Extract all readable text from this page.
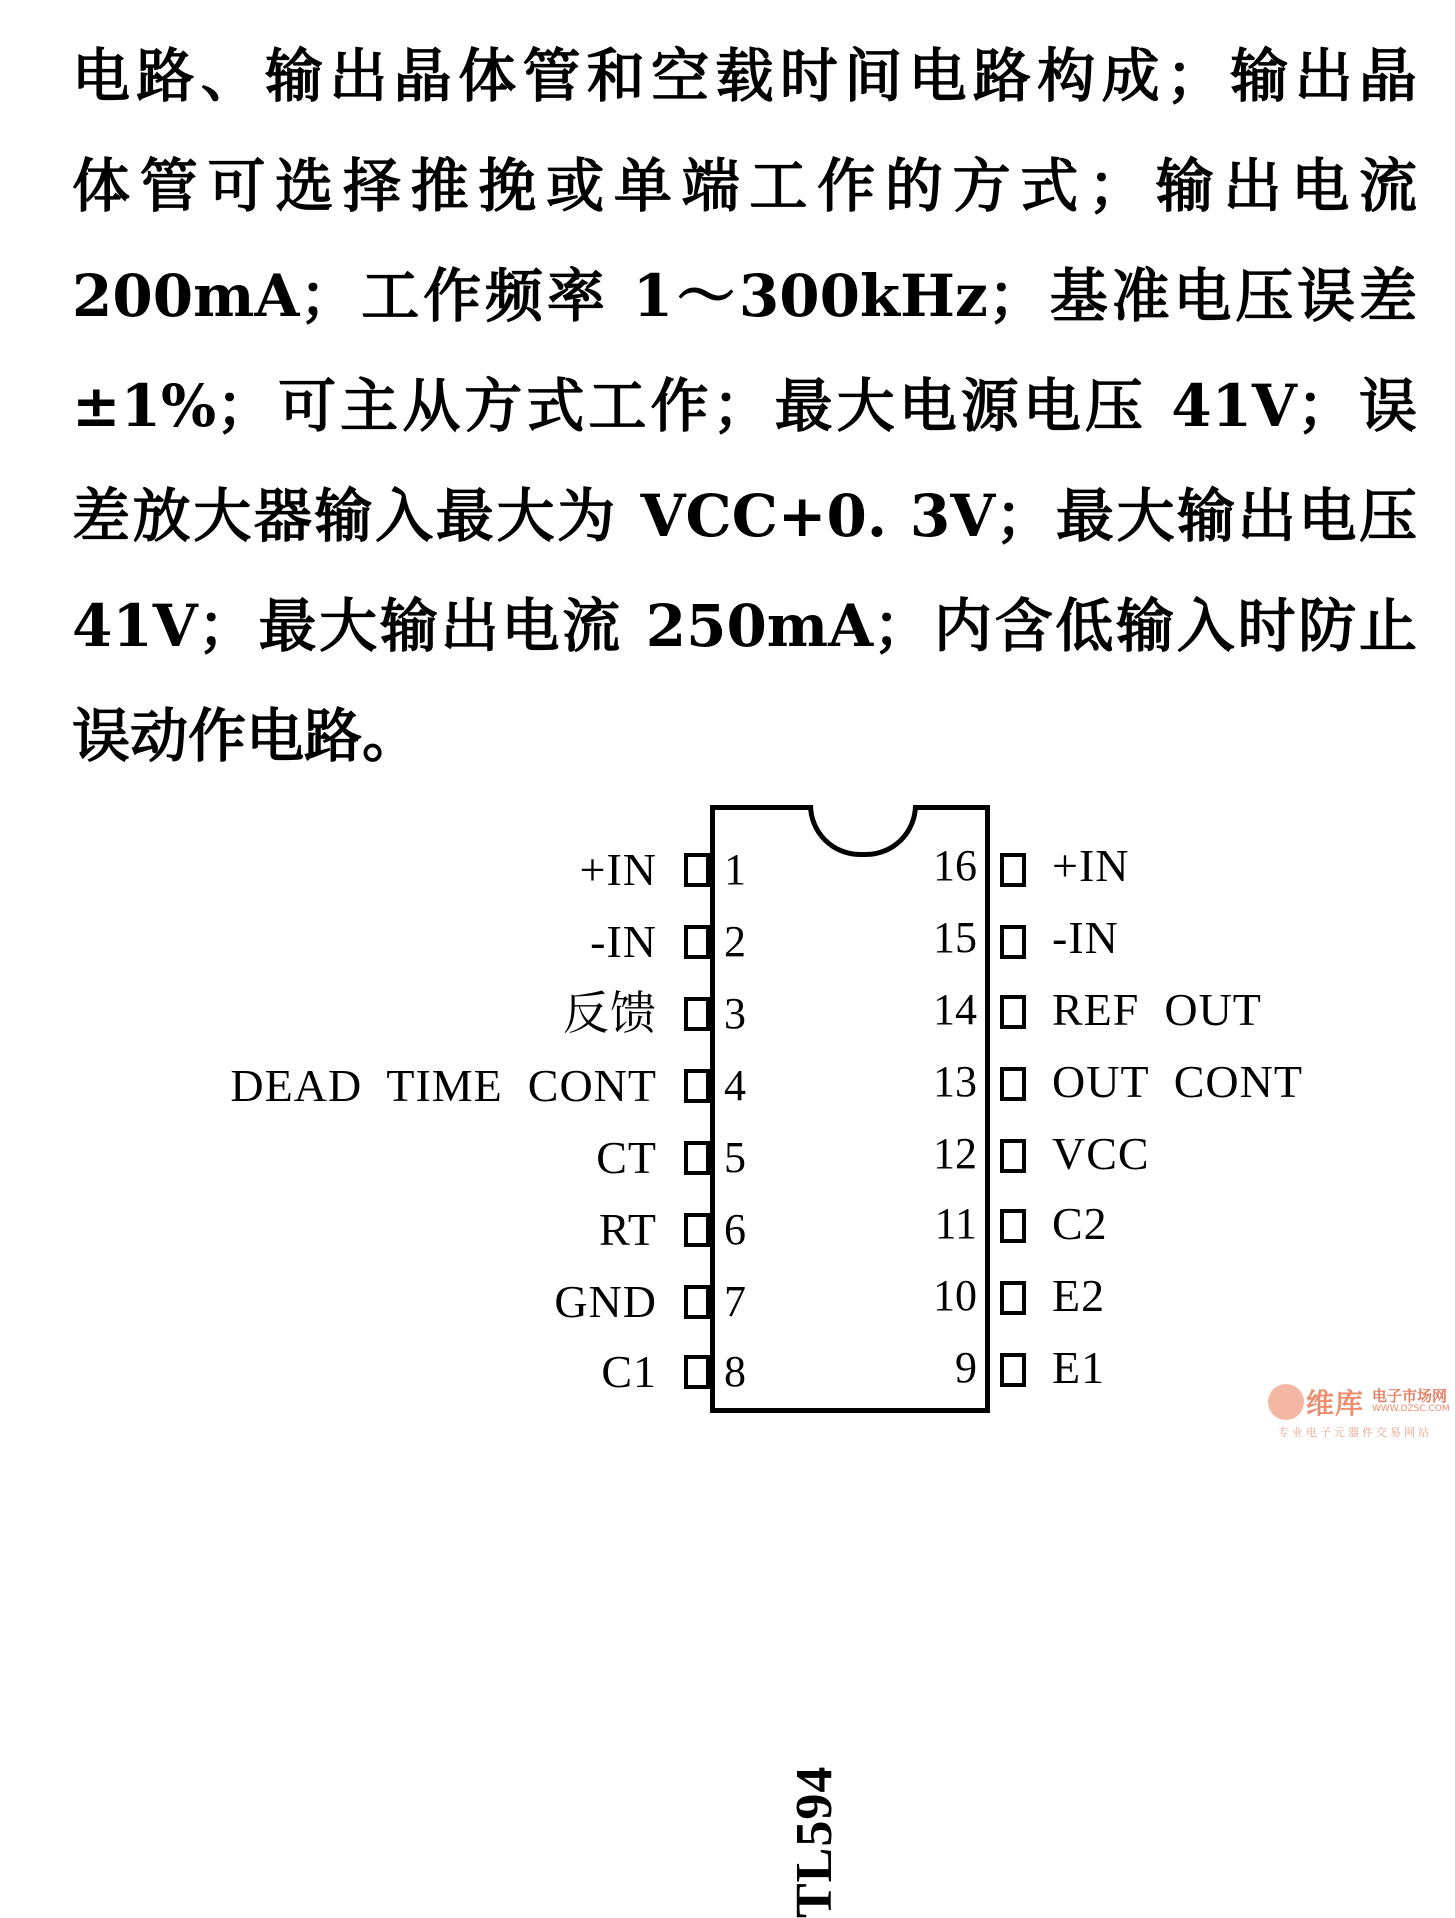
电路、输出晶体管和空载时间电路构成；输出晶
体管可选择推挽或单端工作的方式；输出电流
200mA；工作频率 1～300kHz；基准电压误差
±1%；可主从方式工作；最大电源电压 41V；误
差放大器输入最大为 VCC+0. 3V；最大输出电压
41V；最大输出电流 250mA；内含低输入时防止
误动作电路。
TL594
1
+IN
2
-IN
3
反馈
4
DEAD  TIME  CONT
5
CT
6
RT
7
GND
8
C1
16 +IN
15 -IN
14 REF  OUT
13 OUT  CONT
12 VCC
11 C2
10 E2
9 E1
维库 电子市场网
WWW.DZSC.COM
专业电子元器件交易网站
